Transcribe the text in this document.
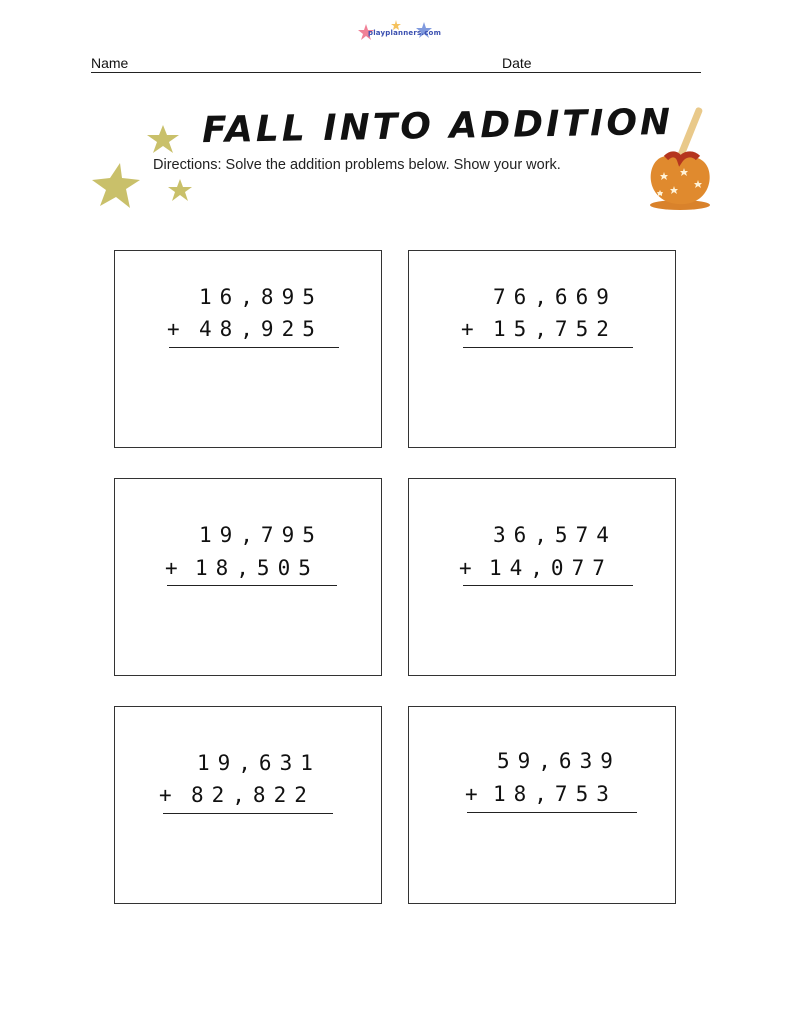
playplanners.com
Name	Date
FALL INTO ADDITION
Directions: Solve the addition problems below. Show your work.
16,895
+ 48,925
76,669
+ 15,752
19,795
+ 18,505
36,574
+ 14,077
19,631
+ 82,822
59,639
+ 18,753
